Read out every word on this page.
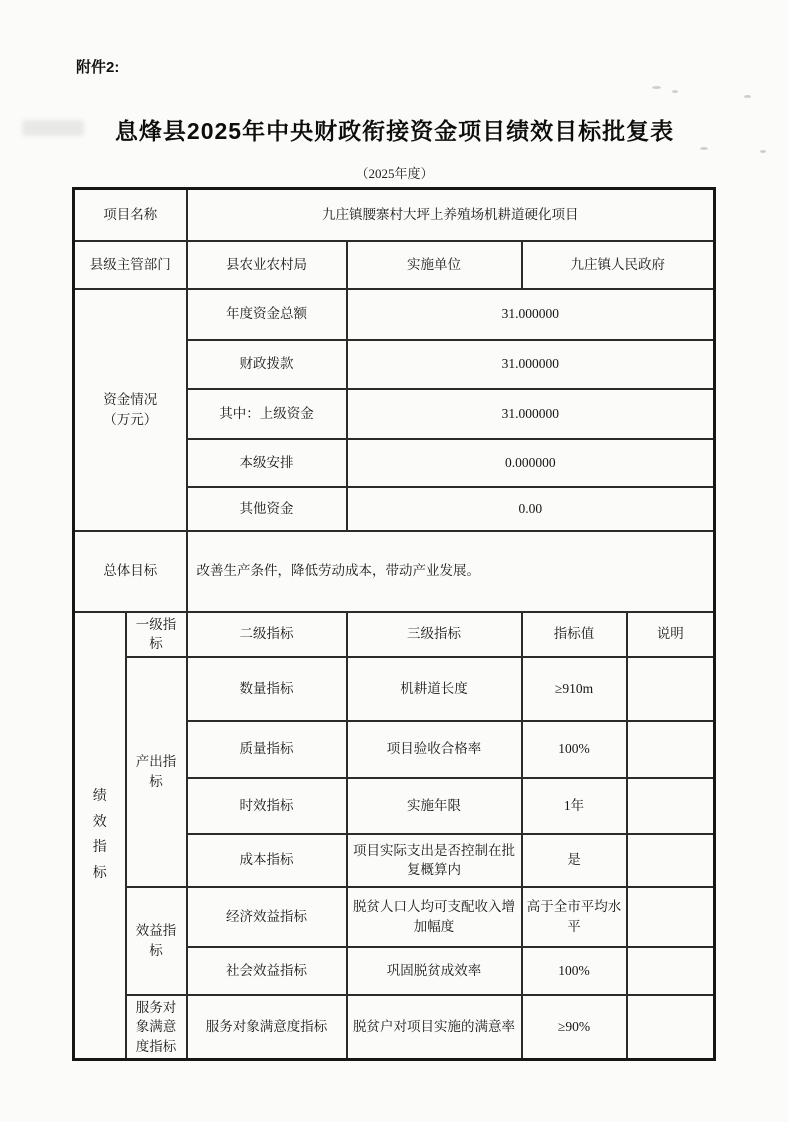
附件2:
息烽县2025年中央财政衔接资金项目绩效目标批复表
（2025年度）
项目名称		九庄镇腰寨村大坪上养殖场机耕道硬化项目			
县级主管部门		县农业农村局	实施单位	九庄镇人民政府	

资金情况
（万元）		年度资金总额	31.000000		
		财政拨款	31.000000		
		其中：上级资金	31.000000		
		本级安排	0.000000		
		其他资金	0.00		
总体目标		改善生产条件，降低劳动成本，带动产业发展。			
绩效指标	一级指标	二级指标	三级指标	指标值	说明
	产出指标	数量指标	机耕道长度	≥910m	
		质量指标	项目验收合格率	100%	
		时效指标	实施年限	1年	
		成本指标	项目实际支出是否控制在批复概算内	是	
	效益指标	经济效益指标	脱贫人口人均可支配收入增加幅度	高于全市平均水平	
		社会效益指标	巩固脱贫成效率	100%	
	服务对象满意度指标	服务对象满意度指标	脱贫户对项目实施的满意率	≥90%	
